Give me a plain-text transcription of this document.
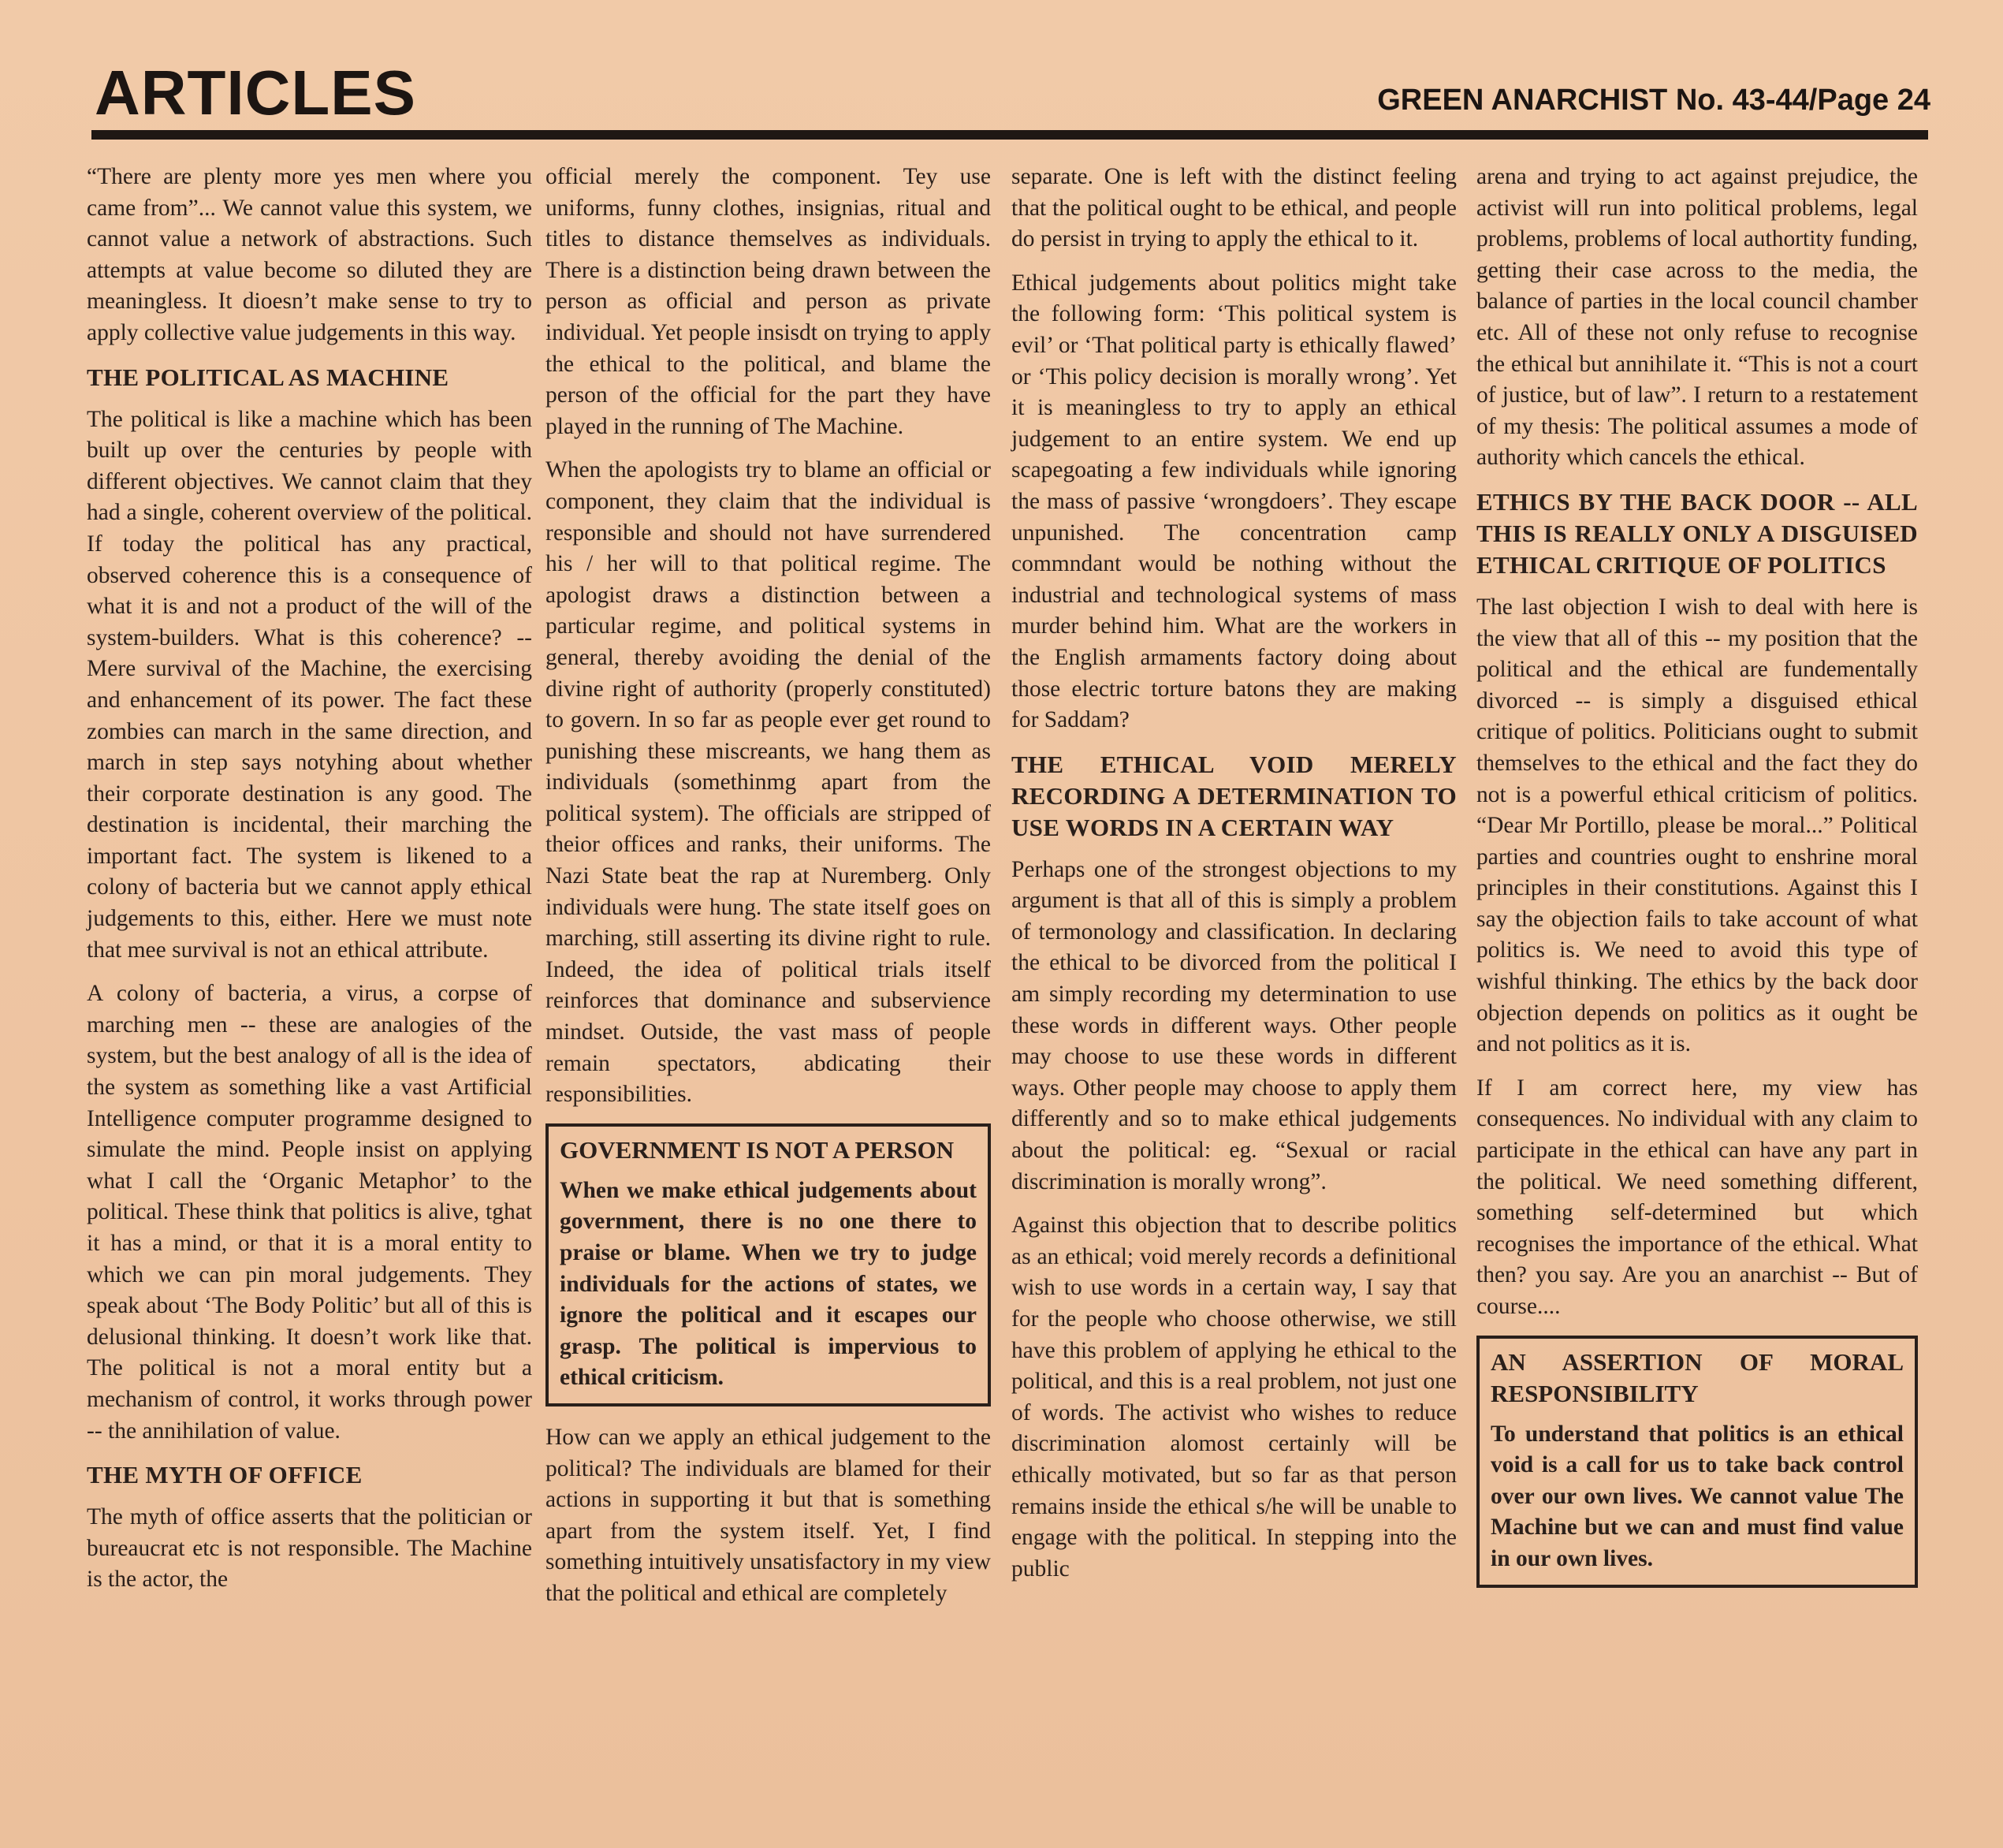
ARTICLES	GREEN ANARCHIST No. 43-44/Page 24

“There are plenty more yes men where you came from”... We cannot value this system, we cannot value a network of abstractions. Such attempts at value become so diluted they are meaningless. It dioesn’t make sense to try to apply collective value judgements in this way.

THE POLITICAL AS MACHINE

The political is like a machine which has been built up over the centuries by people with different objectives. We cannot claim that they had a single, coherent overview of the political. If today the political has any practical, observed coherence this is a consequence of what it is and not a product of the will of the system-builders. What is this coherence? -- Mere survival of the Machine, the exercising and enhancement of its power. The fact these zombies can march in the same direction, and march in step says notyhing about whether their corporate destination is any good. The destination is incidental, their marching the important fact. The system is likened to a colony of bacteria but we cannot apply ethical judgements to this, either. Here we must note that mee survival is not an ethical attribute.

A colony of bacteria, a virus, a corpse of marching men -- these are analogies of the system, but the best analogy of all is the idea of the system as something like a vast Artificial Intelligence computer programme designed to simulate the mind. People insist on applying what I call the ‘Organic Metaphor’ to the political. These think that politics is alive, tghat it has a mind, or that it is a moral entity to which we can pin moral judgements. They speak about ‘The Body Politic’ but all of this is delusional thinking. It doesn’t work like that. The political is not a moral entity but a mechanism of control, it works through power -- the annihilation of value.

THE MYTH OF OFFICE

The myth of office asserts that the politician or bureaucrat etc is not responsible. The Machine is the actor, the

official merely the component. Tey use uniforms, funny clothes, insignias, ritual and titles to distance themselves as individuals. There is a distinction being drawn between the person as official and person as private individual. Yet people insisdt on trying to apply the ethical to the political, and blame the person of the official for the part they have played in the running of The Machine.

When the apologists try to blame an official or component, they claim that the individual is responsible and should not have surrendered his / her will to that political regime. The apologist draws a distinction between a particular regime, and political systems in general, thereby avoiding the denial of the divine right of authority (properly constituted) to govern. In so far as people ever get round to punishing these miscreants, we hang them as individuals (somethinmg apart from the political system). The officials are stripped of theior offices and ranks, their uniforms. The Nazi State beat the rap at Nuremberg. Only individuals were hung. The state itself goes on marching, still asserting its divine right to rule. Indeed, the idea of political trials itself reinforces that dominance and subservience mindset. Outside, the vast mass of people remain spectators, abdicating their responsibilities.

GOVERNMENT IS NOT A PERSON

When we make ethical judgements about government, there is no one there to praise or blame. When we try to judge individuals for the actions of states, we ignore the political and it escapes our grasp. The political is impervious to ethical criticism.

How can we apply an ethical judgement to the political? The individuals are blamed for their actions in supporting it but that is something apart from the system itself. Yet, I find something intuitively unsatisfactory in my view that the political and ethical are completely

separate. One is left with the distinct feeling that the political ought to be ethical, and people do persist in trying to apply the ethical to it.

Ethical judgements about politics might take the following form: ‘This political system is evil’ or ‘That political party is ethically flawed’ or ‘This policy decision is morally wrong’. Yet it is meaningless to try to apply an ethical judgement to an entire system. We end up scapegoating a few individuals while ignoring the mass of passive ‘wrongdoers’. They escape unpunished. The concentration camp commndant would be nothing without the industrial and technological systems of mass murder behind him. What are the workers in the English armaments factory doing about those electric torture batons they are making for Saddam?

THE ETHICAL VOID MERELY RECORDING A DETERMINATION TO USE WORDS IN A CERTAIN WAY

Perhaps one of the strongest objections to my argument is that all of this is simply a problem of termonology and classification. In declaring the ethical to be divorced from the political I am simply recording my determination to use these words in different ways. Other people may choose to use these words in different ways. Other people may choose to apply them differently and so to make ethical judgements about the political: eg. “Sexual or racial discrimination is morally wrong”.

Against this objection that to describe politics as an ethical; void merely records a definitional wish to use words in a certain way, I say that for the people who choose otherwise, we still have this problem of applying he ethical to the political, and this is a real problem, not just one of words. The activist who wishes to reduce discrimination alomost certainly will be ethically motivated, but so far as that person remains inside the ethical s/he will be unable to engage with the political. In stepping into the public

arena and trying to act against prejudice, the activist will run into political problems, legal problems, problems of local authortity funding, getting their case across to the media, the balance of parties in the local council chamber etc. All of these not only refuse to recognise the ethical but annihilate it. “This is not a court of justice, but of law”. I return to a restatement of my thesis: The political assumes a mode of authority which cancels the ethical.

ETHICS BY THE BACK DOOR -- ALL THIS IS REALLY ONLY A DISGUISED ETHICAL CRITIQUE OF POLITICS

The last objection I wish to deal with here is the view that all of this -- my position that the political and the ethical are fundementally divorced -- is simply a disguised ethical critique of politics. Politicians ought to submit themselves to the ethical and the fact they do not is a powerful ethical criticism of politics. “Dear Mr Portillo, please be moral...” Political parties and countries ought to enshrine moral principles in their constitutions. Against this I say the objection fails to take account of what politics is. We need to avoid this type of wishful thinking. The ethics by the back door objection depends on politics as it ought be and not politics as it is.

If I am correct here, my view has consequences. No individual with any claim to participate in the ethical can have any part in the political. We need something different, something self-determined but which recognises the importance of the ethical. What then? you say. Are you an anarchist -- But of course....

AN ASSERTION OF MORAL RESPONSIBILITY

To understand that politics is an ethical void is a call for us to take back control over our own lives. We cannot value The Machine but we can and must find value in our own lives.
